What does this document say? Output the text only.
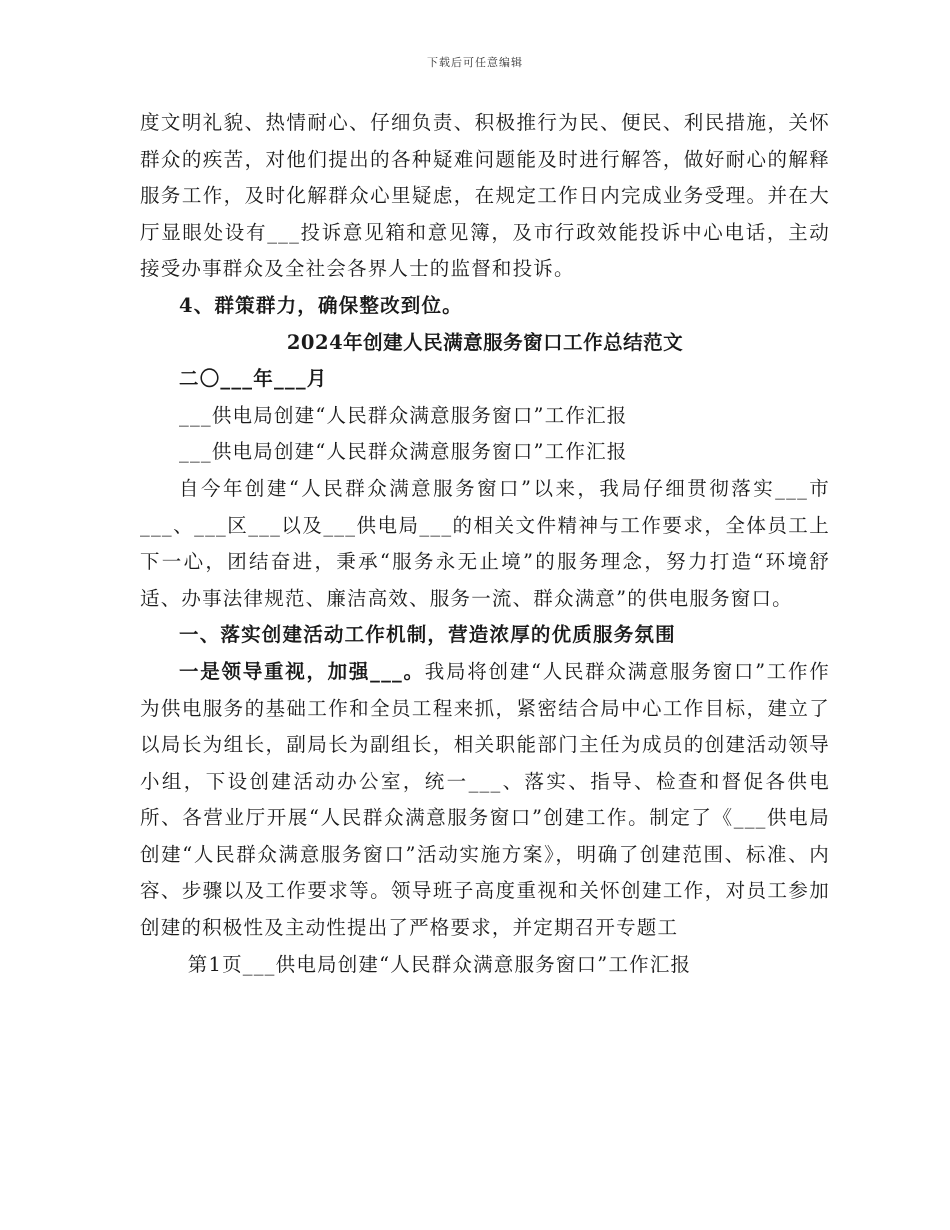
下载后可任意编辑

度文明礼貌、热情耐心、仔细负责、积极推行为民、便民、利民措施，关怀群众的疾苦，对他们提出的各种疑难问题能及时进行解答，做好耐心的解释服务工作，及时化解群众心里疑虑，在规定工作日内完成业务受理。并在大厅显眼处设有___投诉意见箱和意见簿，及市行政效能投诉中心电话，主动接受办事群众及全社会各界人士的监督和投诉。

4、群策群力，确保整改到位。

2024年创建人民满意服务窗口工作总结范文

二〇___年___月

___供电局创建“人民群众满意服务窗口”工作汇报

___供电局创建“人民群众满意服务窗口”工作汇报

自今年创建“人民群众满意服务窗口”以来，我局仔细贯彻落实___市___、___区___以及___供电局___的相关文件精神与工作要求，全体员工上下一心，团结奋进，秉承“服务永无止境”的服务理念，努力打造“环境舒适、办事法律规范、廉洁高效、服务一流、群众满意”的供电服务窗口。

一、落实创建活动工作机制，营造浓厚的优质服务氛围

一是领导重视，加强___。我局将创建“人民群众满意服务窗口”工作作为供电服务的基础工作和全员工程来抓，紧密结合局中心工作目标，建立了以局长为组长，副局长为副组长，相关职能部门主任为成员的创建活动领导小组，下设创建活动办公室，统一___、落实、指导、检查和督促各供电所、各营业厅开展“人民群众满意服务窗口”创建工作。制定了《___供电局创建“人民群众满意服务窗口”活动实施方案》，明确了创建范围、标准、内容、步骤以及工作要求等。领导班子高度重视和关怀创建工作，对员工参加创建的积极性及主动性提出了严格要求，并定期召开专题工

第1页___供电局创建“人民群众满意服务窗口”工作汇报
